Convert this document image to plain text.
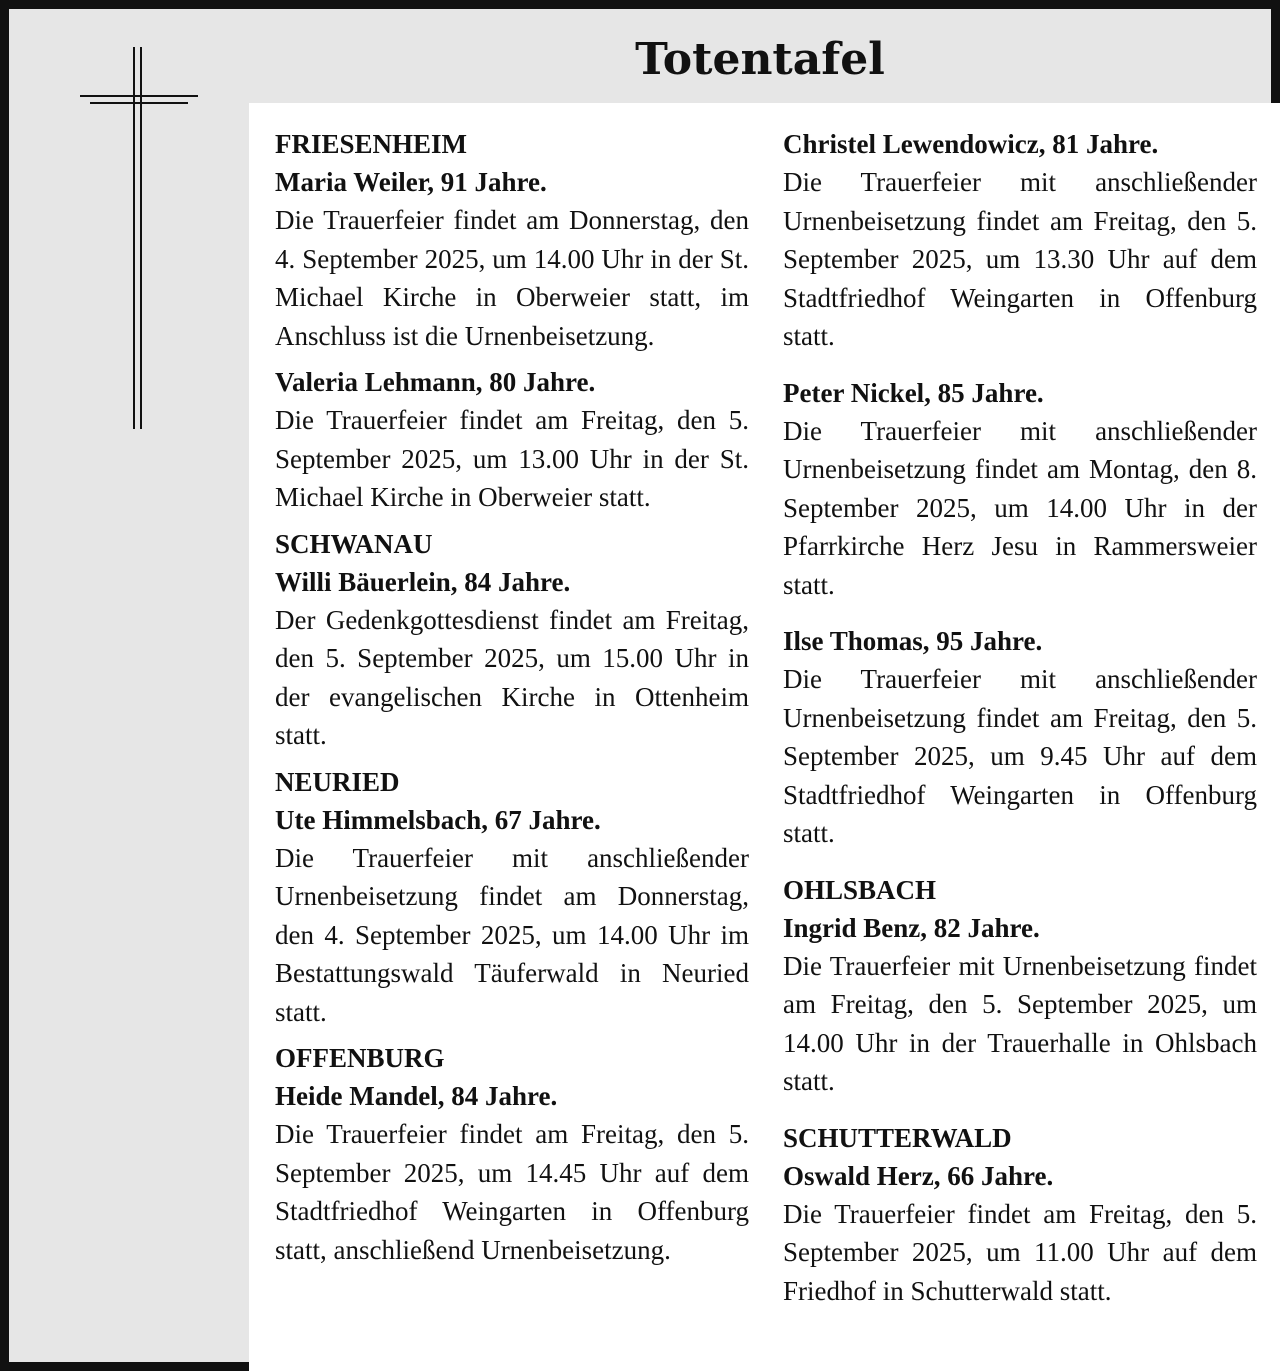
Totentafel

FRIESENHEIM

Maria Weiler, 91 Jahre.

Die Trauerfeier findet am Donnerstag, den 4. September 2025, um 14.00 Uhr in der St. Michael Kirche in Oberweier statt, im Anschluss ist die Urnenbeisetzung.

Valeria Lehmann, 80 Jahre.

Die Trauerfeier findet am Freitag, den 5. September 2025, um 13.00 Uhr in der St. Michael Kirche in Oberweier statt.

SCHWANAU

Willi Bäuerlein, 84 Jahre.

Der Gedenkgottesdienst findet am Freitag, den 5. September 2025, um 15.00 Uhr in der evangelischen Kirche in Ottenheim statt.

NEURIED

Ute Himmelsbach, 67 Jahre.

Die Trauerfeier mit anschließender Urnenbeisetzung findet am Donnerstag, den 4. September 2025, um 14.00 Uhr im Bestattungswald Täuferwald in Neuried statt.

OFFENBURG

Heide Mandel, 84 Jahre.

Die Trauerfeier findet am Freitag, den 5. September 2025, um 14.45 Uhr auf dem Stadtfriedhof Weingarten in Offenburg statt, anschließend Urnenbeisetzung.

Christel Lewendowicz, 81 Jahre.

Die Trauerfeier mit anschließender Urnenbeisetzung findet am Freitag, den 5. September 2025, um 13.30 Uhr auf dem Stadtfriedhof Weingarten in Offenburg statt.

Peter Nickel, 85 Jahre.

Die Trauerfeier mit anschließender Urnenbeisetzung findet am Montag, den 8. September 2025, um 14.00 Uhr in der Pfarrkirche Herz Jesu in Rammersweier statt.

Ilse Thomas, 95 Jahre.

Die Trauerfeier mit anschließender Urnenbeisetzung findet am Freitag, den 5. September 2025, um 9.45 Uhr auf dem Stadtfriedhof Weingarten in Offenburg statt.

OHLSBACH

Ingrid Benz, 82 Jahre.

Die Trauerfeier mit Urnenbeisetzung findet am Freitag, den 5. September 2025, um 14.00 Uhr in der Trauerhalle in Ohlsbach statt.

SCHUTTERWALD

Oswald Herz, 66 Jahre.

Die Trauerfeier findet am Freitag, den 5. September 2025, um 11.00 Uhr auf dem Friedhof in Schutterwald statt.
